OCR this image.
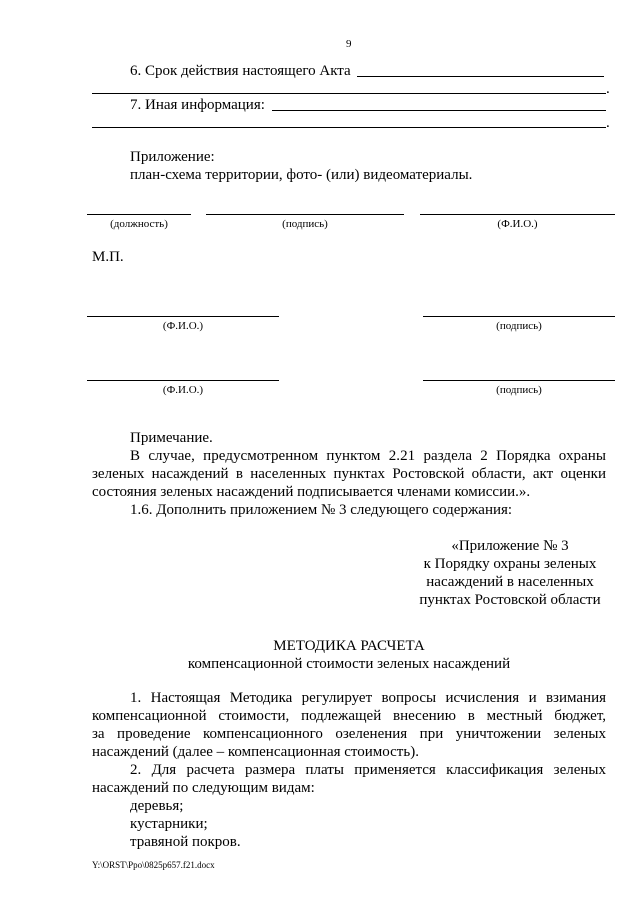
9
6. Срок действия настоящего Акта
.
7. Иная информация:
.
Приложение:
план-схема территории, фото- (или) видеоматериалы.
(должность)	(подпись)	(Ф.И.О.)
М.П.
(Ф.И.О.)	(подпись)
(Ф.И.О.)	(подпись)
Примечание.
В случае, предусмотренном пунктом 2.21 раздела 2 Порядка охраны
зеленых насаждений в населенных пунктах Ростовской области, акт оценки
состояния зеленых насаждений подписывается членами комиссии.».
1.6. Дополнить приложением № 3 следующего содержания:
«Приложение № 3
к Порядку охраны зеленых
насаждений в населенных
пунктах Ростовской области
МЕТОДИКА РАСЧЕТА
компенсационной стоимости зеленых насаждений
1. Настоящая Методика регулирует вопросы исчисления и взимания
компенсационной стоимости, подлежащей внесению в местный бюджет,
за проведение компенсационного озеленения при уничтожении зеленых
насаждений (далее – компенсационная стоимость).
2. Для расчета размера платы применяется классификация зеленых
насаждений по следующим видам:
деревья;
кустарники;
травяной покров.
Y:\ORST\Ppo\0825p657.f21.docx
